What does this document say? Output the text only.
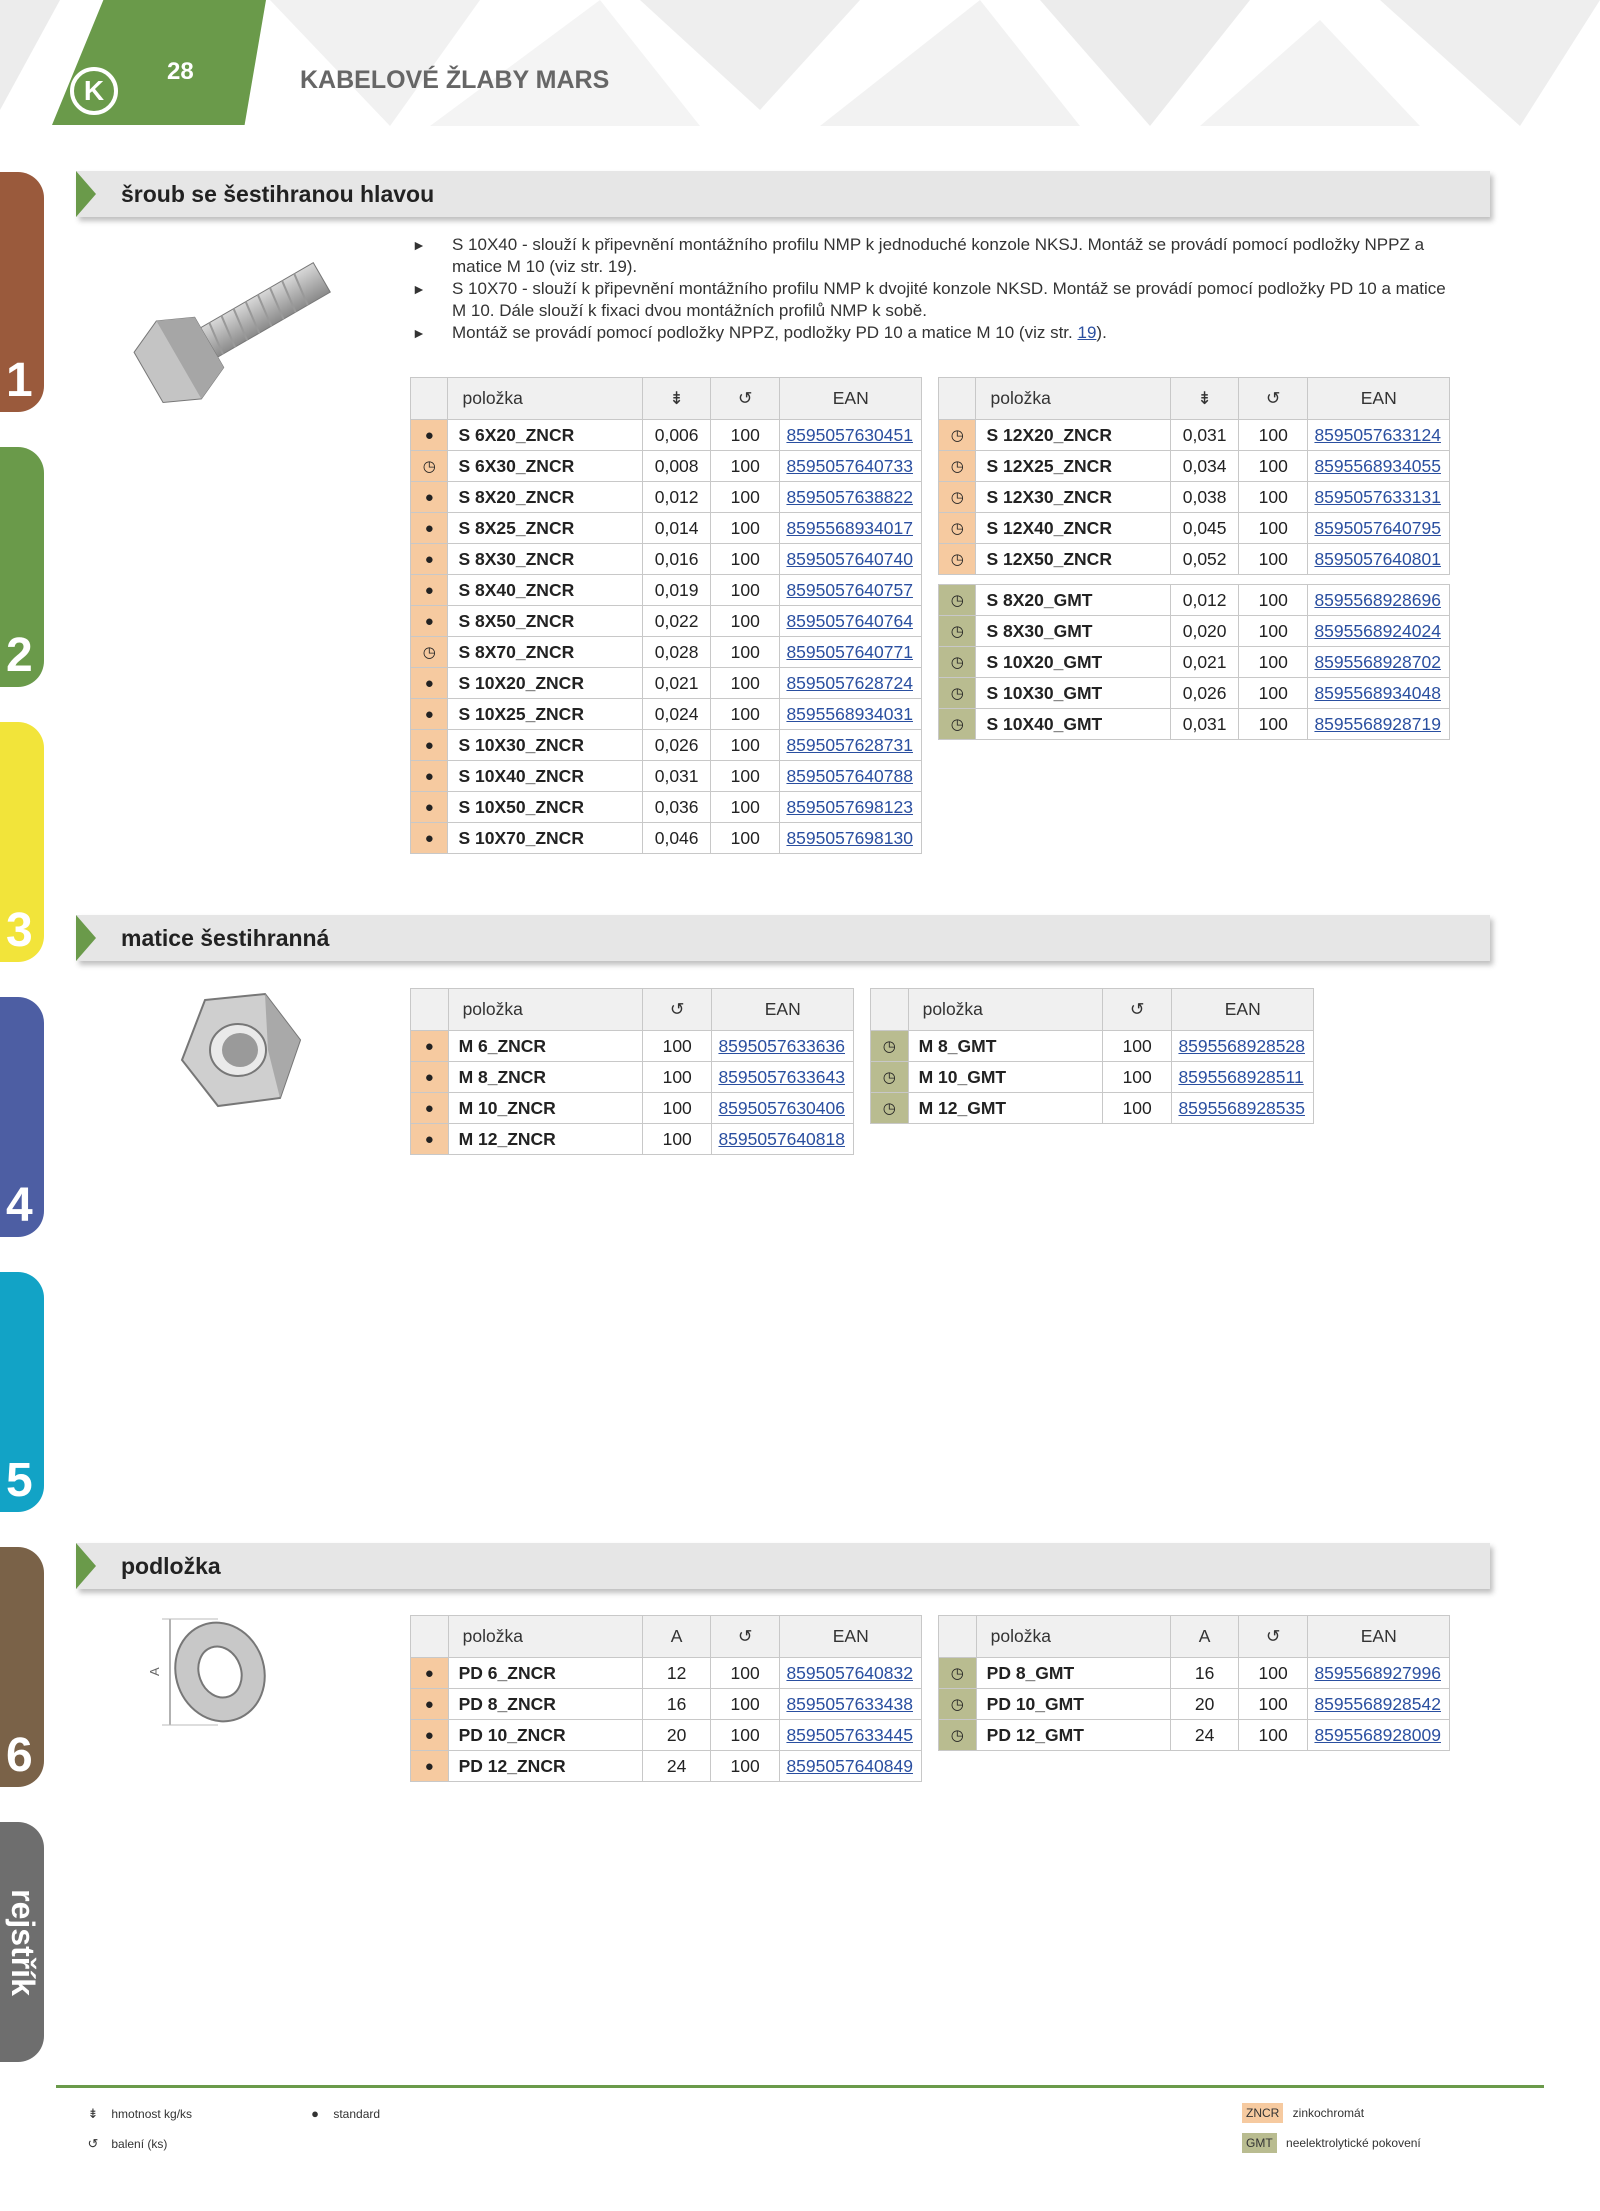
K
28	KABELOVÉ ŽLABY MARS
1
2
3
4
5
6
rejstřík
šroub se šestihranou hlavou
► S 10X40 - slouží k připevnění montážního profilu NMP k jednoduché konzole NKSJ. Montáž se provádí pomocí podložky NPPZ a matice M 10 (viz str. 19).
► S 10X70 - slouží k připevnění montážního profilu NMP k dvojité konzole NKSD. Montáž se provádí pomocí podložky PD 10 a matice M 10. Dále slouží k fixaci dvou montážních profilů NMP k sobě.
► Montáž se provádí pomocí podložky NPPZ, podložky PD 10 a matice M 10 (viz str. 19).
	položka	⇟	↺	EAN
●	S 6X20_ZNCR	0,006	100	8595057630451
◷	S 6X30_ZNCR	0,008	100	8595057640733
●	S 8X20_ZNCR	0,012	100	8595057638822
●	S 8X25_ZNCR	0,014	100	8595568934017
●	S 8X30_ZNCR	0,016	100	8595057640740
●	S 8X40_ZNCR	0,019	100	8595057640757
●	S 8X50_ZNCR	0,022	100	8595057640764
◷	S 8X70_ZNCR	0,028	100	8595057640771
●	S 10X20_ZNCR	0,021	100	8595057628724
●	S 10X25_ZNCR	0,024	100	8595568934031
●	S 10X30_ZNCR	0,026	100	8595057628731
●	S 10X40_ZNCR	0,031	100	8595057640788
●	S 10X50_ZNCR	0,036	100	8595057698123
●	S 10X70_ZNCR	0,046	100	8595057698130
	položka	⇟	↺	EAN
◷	S 12X20_ZNCR	0,031	100	8595057633124
◷	S 12X25_ZNCR	0,034	100	8595568934055
◷	S 12X30_ZNCR	0,038	100	8595057633131
◷	S 12X40_ZNCR	0,045	100	8595057640795
◷	S 12X50_ZNCR	0,052	100	8595057640801

◷	S 8X20_GMT	0,012	100	8595568928696
◷	S 8X30_GMT	0,020	100	8595568924024
◷	S 10X20_GMT	0,021	100	8595568928702
◷	S 10X30_GMT	0,026	100	8595568934048
◷	S 10X40_GMT	0,031	100	8595568928719
matice šestihranná
	položka	↺	EAN
●	M 6_ZNCR	100	8595057633636
●	M 8_ZNCR	100	8595057633643
●	M 10_ZNCR	100	8595057630406
●	M 12_ZNCR	100	8595057640818
	položka	↺	EAN
◷	M 8_GMT	100	8595568928528
◷	M 10_GMT	100	8595568928511
◷	M 12_GMT	100	8595568928535
podložka
A
	položka	A	↺	EAN
●	PD 6_ZNCR	12	100	8595057640832
●	PD 8_ZNCR	16	100	8595057633438
●	PD 10_ZNCR	20	100	8595057633445
●	PD 12_ZNCR	24	100	8595057640849
	položka	A	↺	EAN
◷	PD 8_GMT	16	100	8595568927996
◷	PD 10_GMT	20	100	8595568928542
◷	PD 12_GMT	24	100	8595568928009
⇟ hmotnost kg/ks
↺ balení (ks)
● standard	ZNCR zinkochromát
GMT neelektrolytické pokovení
